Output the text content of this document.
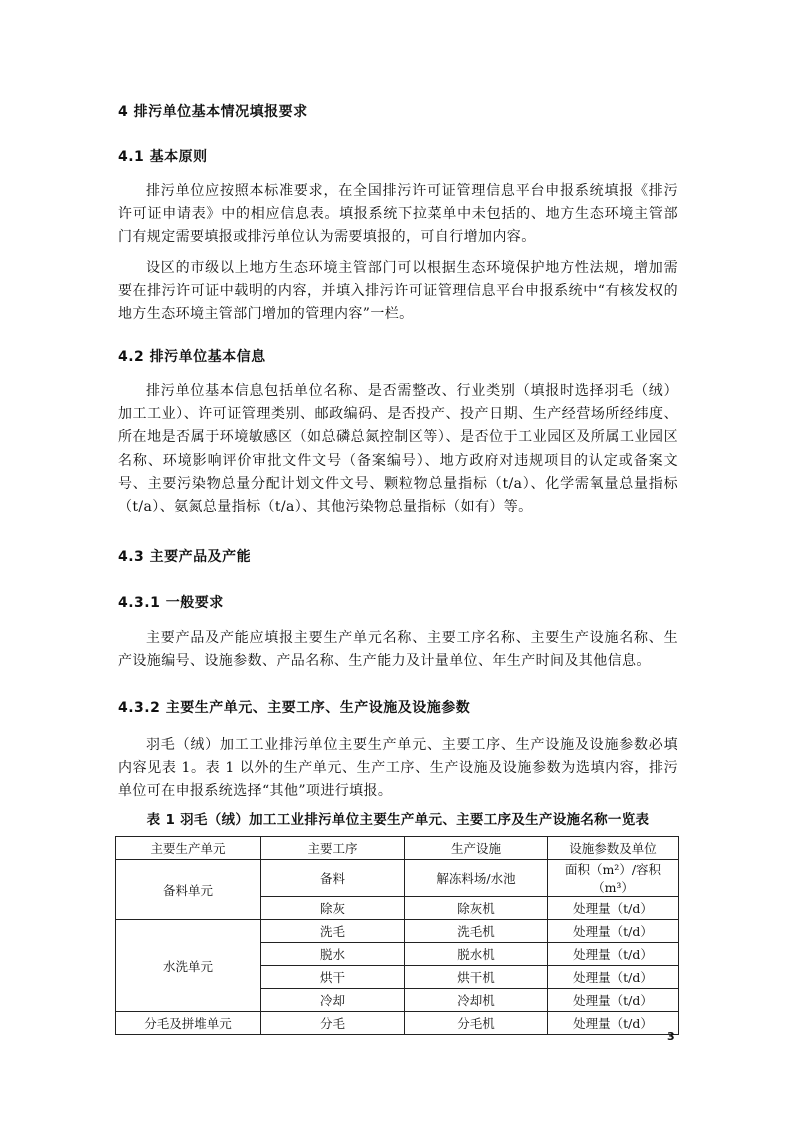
4 排污单位基本情况填报要求
4.1 基本原则
排污单位应按照本标准要求，在全国排污许可证管理信息平台申报系统填报《排污许可证申请表》中的相应信息表。填报系统下拉菜单中未包括的、地方生态环境主管部门有规定需要填报或排污单位认为需要填报的，可自行增加内容。
设区的市级以上地方生态环境主管部门可以根据生态环境保护地方性法规，增加需要在排污许可证中载明的内容，并填入排污许可证管理信息平台申报系统中“有核发权的地方生态环境主管部门增加的管理内容”一栏。
4.2 排污单位基本信息
排污单位基本信息包括单位名称、是否需整改、行业类别（填报时选择羽毛（绒）加工工业）、许可证管理类别、邮政编码、是否投产、投产日期、生产经营场所经纬度、所在地是否属于环境敏感区（如总磷总氮控制区等）、是否位于工业园区及所属工业园区名称、环境影响评价审批文件文号（备案编号）、地方政府对违规项目的认定或备案文号、主要污染物总量分配计划文件文号、颗粒物总量指标（t/a）、化学需氧量总量指标（t/a）、氨氮总量指标（t/a）、其他污染物总量指标（如有）等。
4.3 主要产品及产能
4.3.1 一般要求
主要产品及产能应填报主要生产单元名称、主要工序名称、主要生产设施名称、生产设施编号、设施参数、产品名称、生产能力及计量单位、年生产时间及其他信息。
4.3.2 主要生产单元、主要工序、生产设施及设施参数
羽毛（绒）加工工业排污单位主要生产单元、主要工序、生产设施及设施参数必填内容见表 1。表 1 以外的生产单元、生产工序、生产设施及设施参数为选填内容，排污单位可在申报系统选择“其他”项进行填报。
表 1 羽毛（绒）加工工业排污单位主要生产单元、主要工序及生产设施名称一览表
主要生产单元	主要工序	生产设施	设施参数及单位
备料单元	备料	解冻料场/水池	面积（m²）/容积（m³）
	除灰	除灰机	处理量（t/d）
水洗单元	洗毛	洗毛机	处理量（t/d）
	脱水	脱水机	处理量（t/d）
	烘干	烘干机	处理量（t/d）
	冷却	冷却机	处理量（t/d）
分毛及拼堆单元	分毛	分毛机	处理量（t/d）
3
